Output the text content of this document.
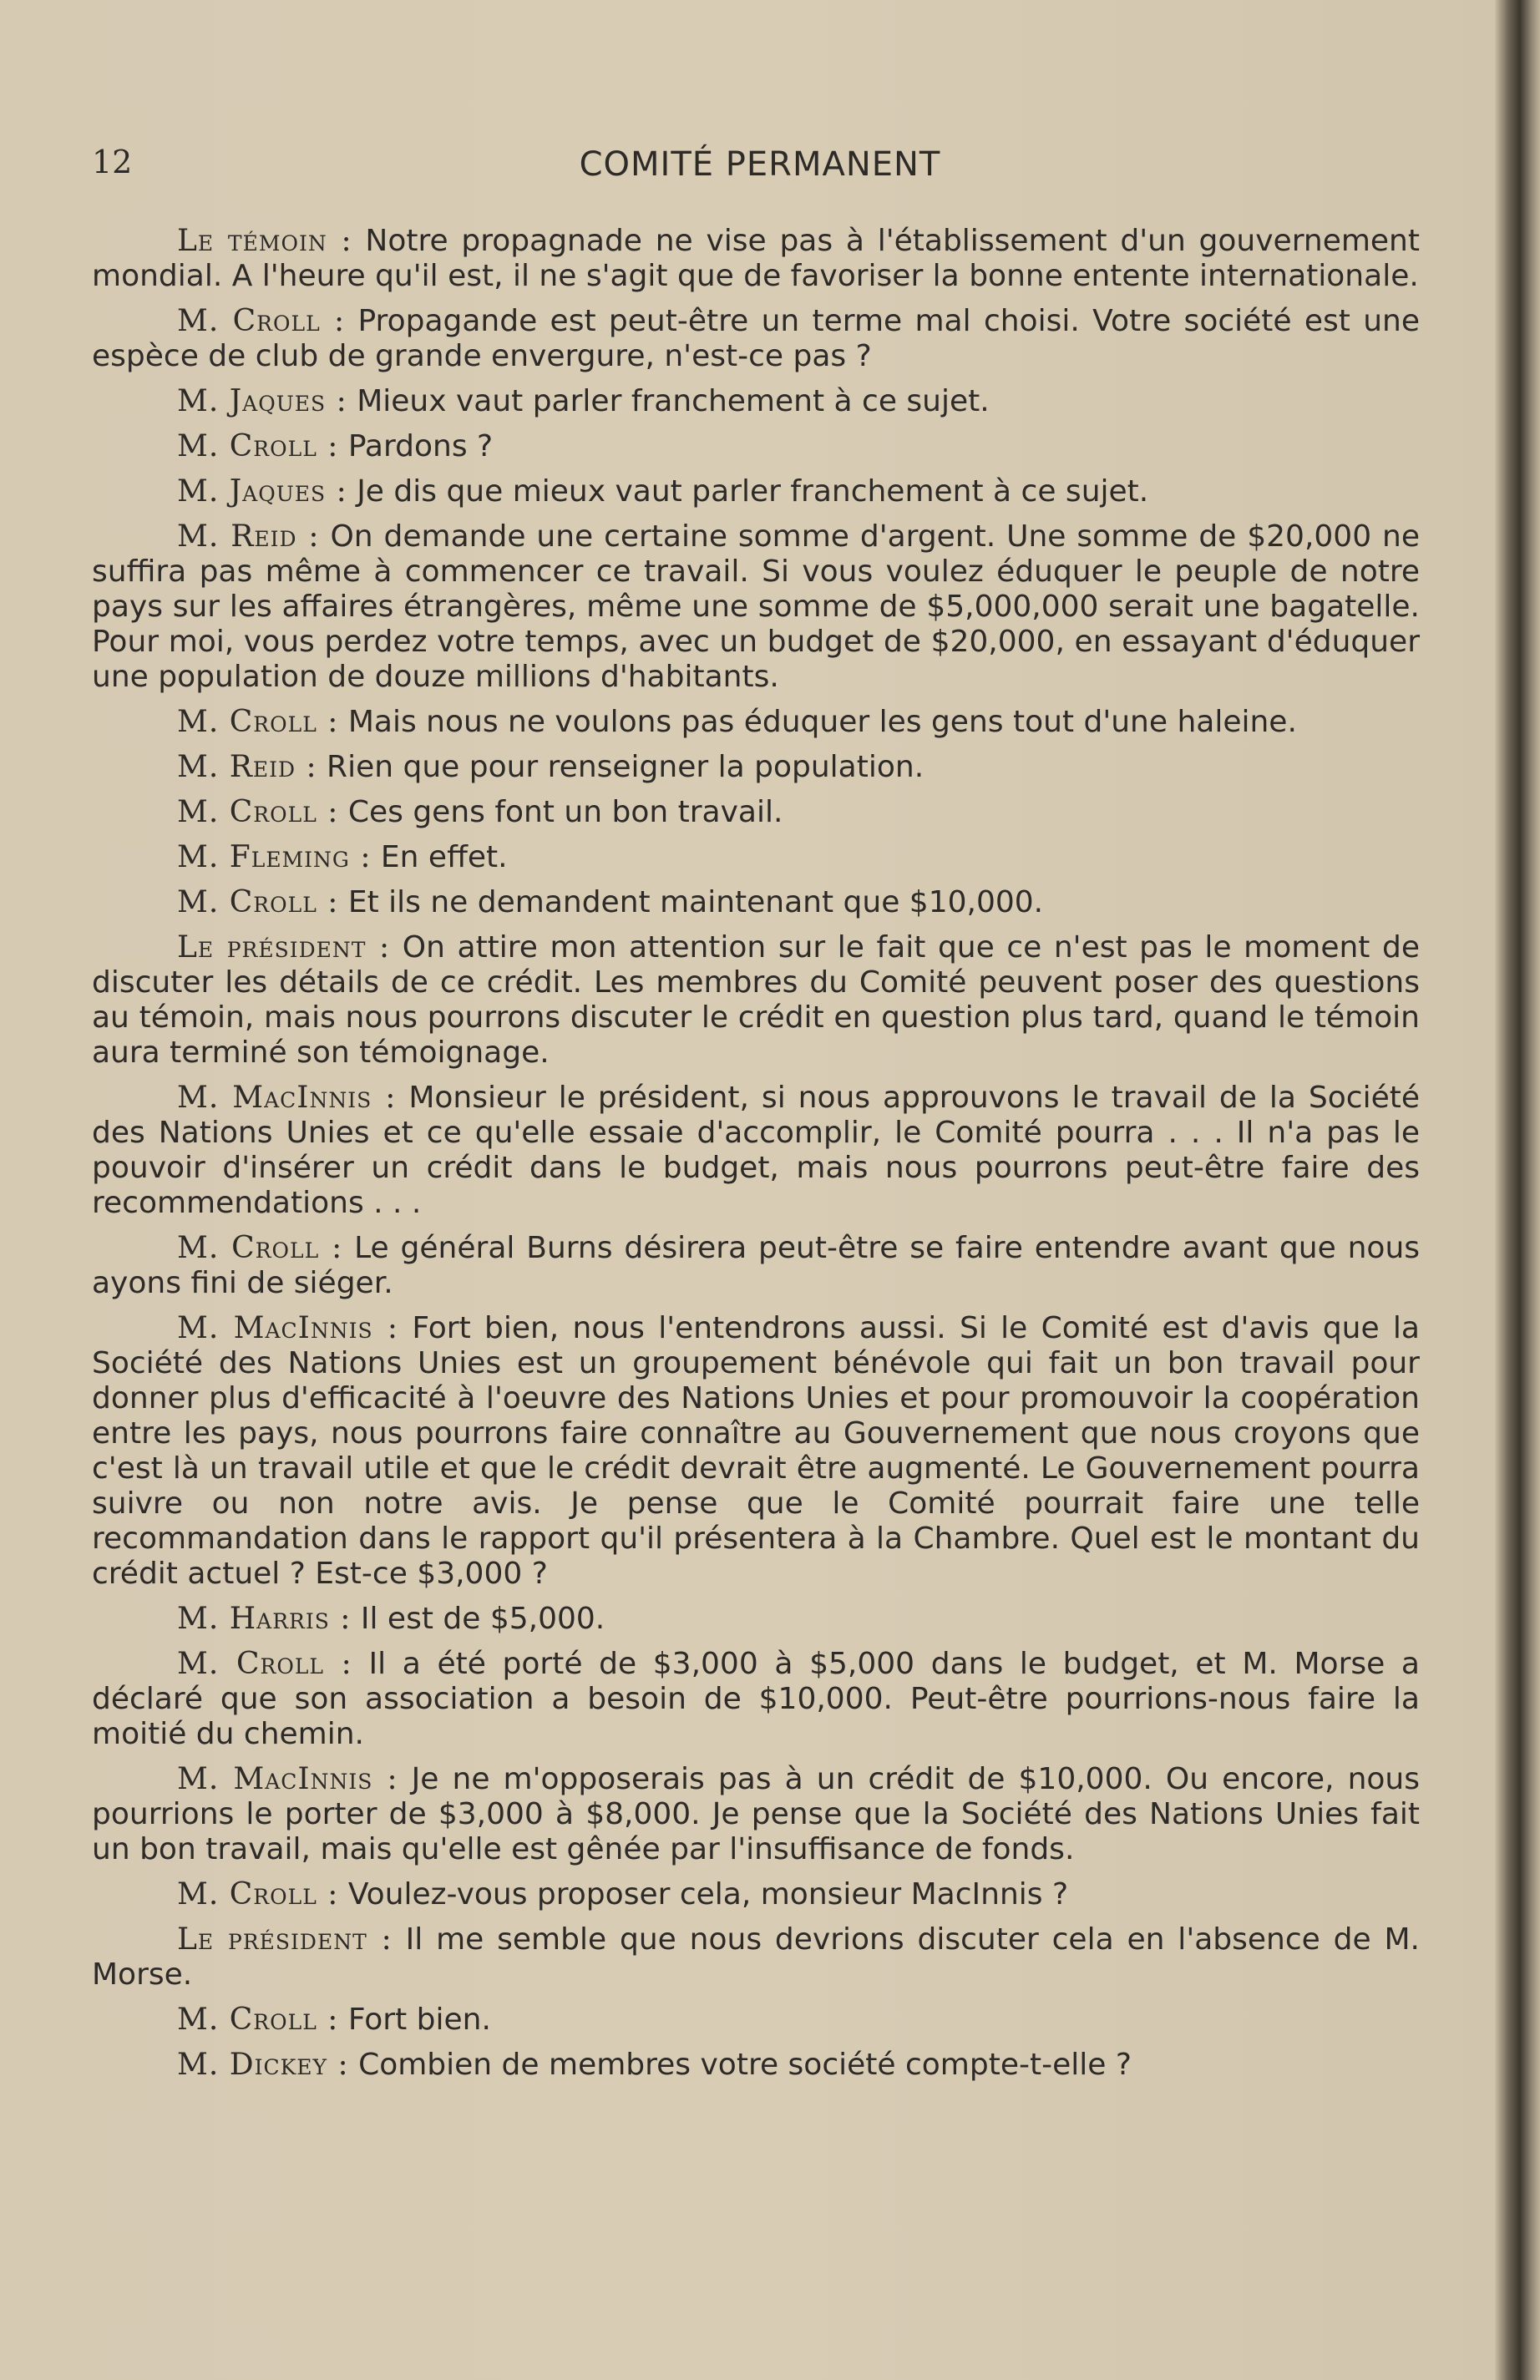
12	COMITÉ PERMANENT

Le témoin : Notre propagnade ne vise pas à l'établissement d'un gouvernement mondial. A l'heure qu'il est, il ne s'agit que de favoriser la bonne entente internationale.

M. Croll : Propagande est peut-être un terme mal choisi. Votre société est une espèce de club de grande envergure, n'est-ce pas ?

M. Jaques : Mieux vaut parler franchement à ce sujet.

M. Croll : Pardons ?

M. Jaques : Je dis que mieux vaut parler franchement à ce sujet.

M. Reid : On demande une certaine somme d'argent. Une somme de $20,000 ne suffira pas même à commencer ce travail. Si vous voulez éduquer le peuple de notre pays sur les affaires étrangères, même une somme de $5,000,000 serait une bagatelle. Pour moi, vous perdez votre temps, avec un budget de $20,000, en essayant d'éduquer une population de douze millions d'habitants.

M. Croll : Mais nous ne voulons pas éduquer les gens tout d'une haleine.

M. Reid : Rien que pour renseigner la population.

M. Croll : Ces gens font un bon travail.

M. Fleming : En effet.

M. Croll : Et ils ne demandent maintenant que $10,000.

Le président : On attire mon attention sur le fait que ce n'est pas le moment de discuter les détails de ce crédit. Les membres du Comité peuvent poser des questions au témoin, mais nous pourrons discuter le crédit en question plus tard, quand le témoin aura terminé son témoignage.

M. MacInnis : Monsieur le président, si nous approuvons le travail de la Société des Nations Unies et ce qu'elle essaie d'accomplir, le Comité pourra . . . Il n'a pas le pouvoir d'insérer un crédit dans le budget, mais nous pourrons peut-être faire des recommendations . . .

M. Croll : Le général Burns désirera peut-être se faire entendre avant que nous ayons fini de siéger.

M. MacInnis : Fort bien, nous l'entendrons aussi. Si le Comité est d'avis que la Société des Nations Unies est un groupement bénévole qui fait un bon travail pour donner plus d'efficacité à l'oeuvre des Nations Unies et pour promouvoir la coopération entre les pays, nous pourrons faire connaître au Gouvernement que nous croyons que c'est là un travail utile et que le crédit devrait être augmenté. Le Gouvernement pourra suivre ou non notre avis. Je pense que le Comité pourrait faire une telle recommandation dans le rapport qu'il présentera à la Chambre. Quel est le montant du crédit actuel ? Est-ce $3,000 ?

M. Harris : Il est de $5,000.

M. Croll : Il a été porté de $3,000 à $5,000 dans le budget, et M. Morse a déclaré que son association a besoin de $10,000. Peut-être pourrions-nous faire la moitié du chemin.

M. MacInnis : Je ne m'opposerais pas à un crédit de $10,000. Ou encore, nous pourrions le porter de $3,000 à $8,000. Je pense que la Société des Nations Unies fait un bon travail, mais qu'elle est gênée par l'insuffisance de fonds.

M. Croll : Voulez-vous proposer cela, monsieur MacInnis ?

Le président : Il me semble que nous devrions discuter cela en l'absence de M. Morse.

M. Croll : Fort bien.

M. Dickey : Combien de membres votre société compte-t-elle ?
